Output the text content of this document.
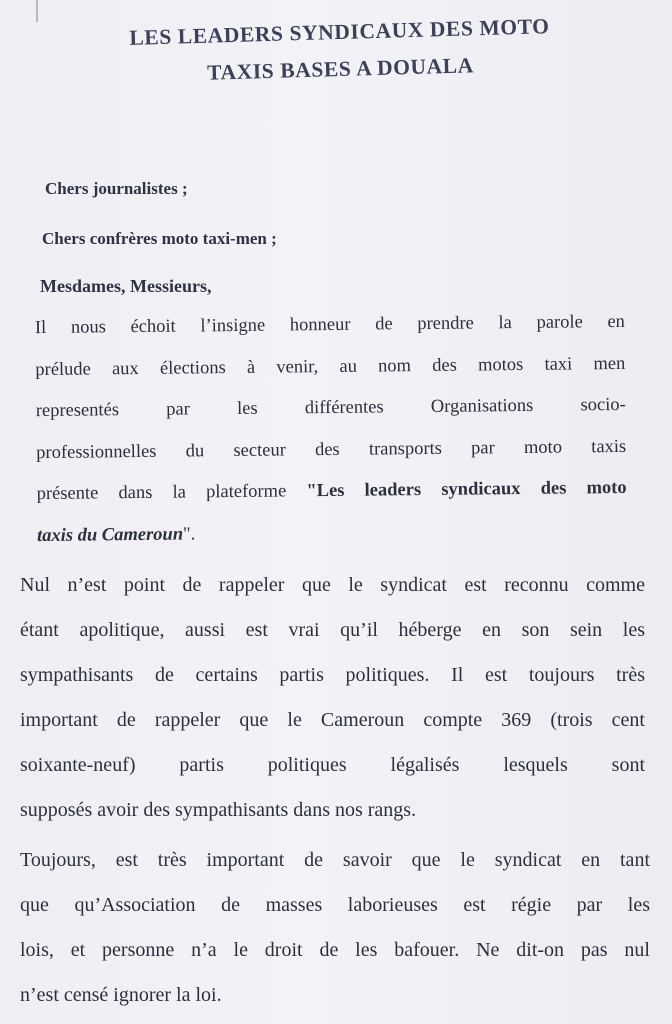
LES LEADERS SYNDICAUX DES MOTO
TAXIS BASES A DOUALA
Chers journalistes ;
Chers confrères moto taxi-men ;
Mesdames, Messieurs,
Il nous échoit l’insigne honneur de prendre la parole en
prélude aux élections à venir, au nom des motos taxi men
representés par les différentes Organisations socio-
professionnelles du secteur des transports par moto taxis
présente dans la plateforme "Les leaders syndicaux des moto
taxis du Cameroun".
Nul n’est point de rappeler que le syndicat est reconnu comme
étant apolitique, aussi est vrai qu’il héberge en son sein les
sympathisants de certains partis politiques. Il est toujours très
important de rappeler que le Cameroun compte 369 (trois cent
soixante-neuf) partis politiques légalisés lesquels sont
supposés avoir des sympathisants dans nos rangs.
Toujours, est très important de savoir que le syndicat en tant
que qu’Association de masses laborieuses est régie par les
lois, et personne n’a le droit de les bafouer. Ne dit-on pas nul
n’est censé ignorer la loi.
